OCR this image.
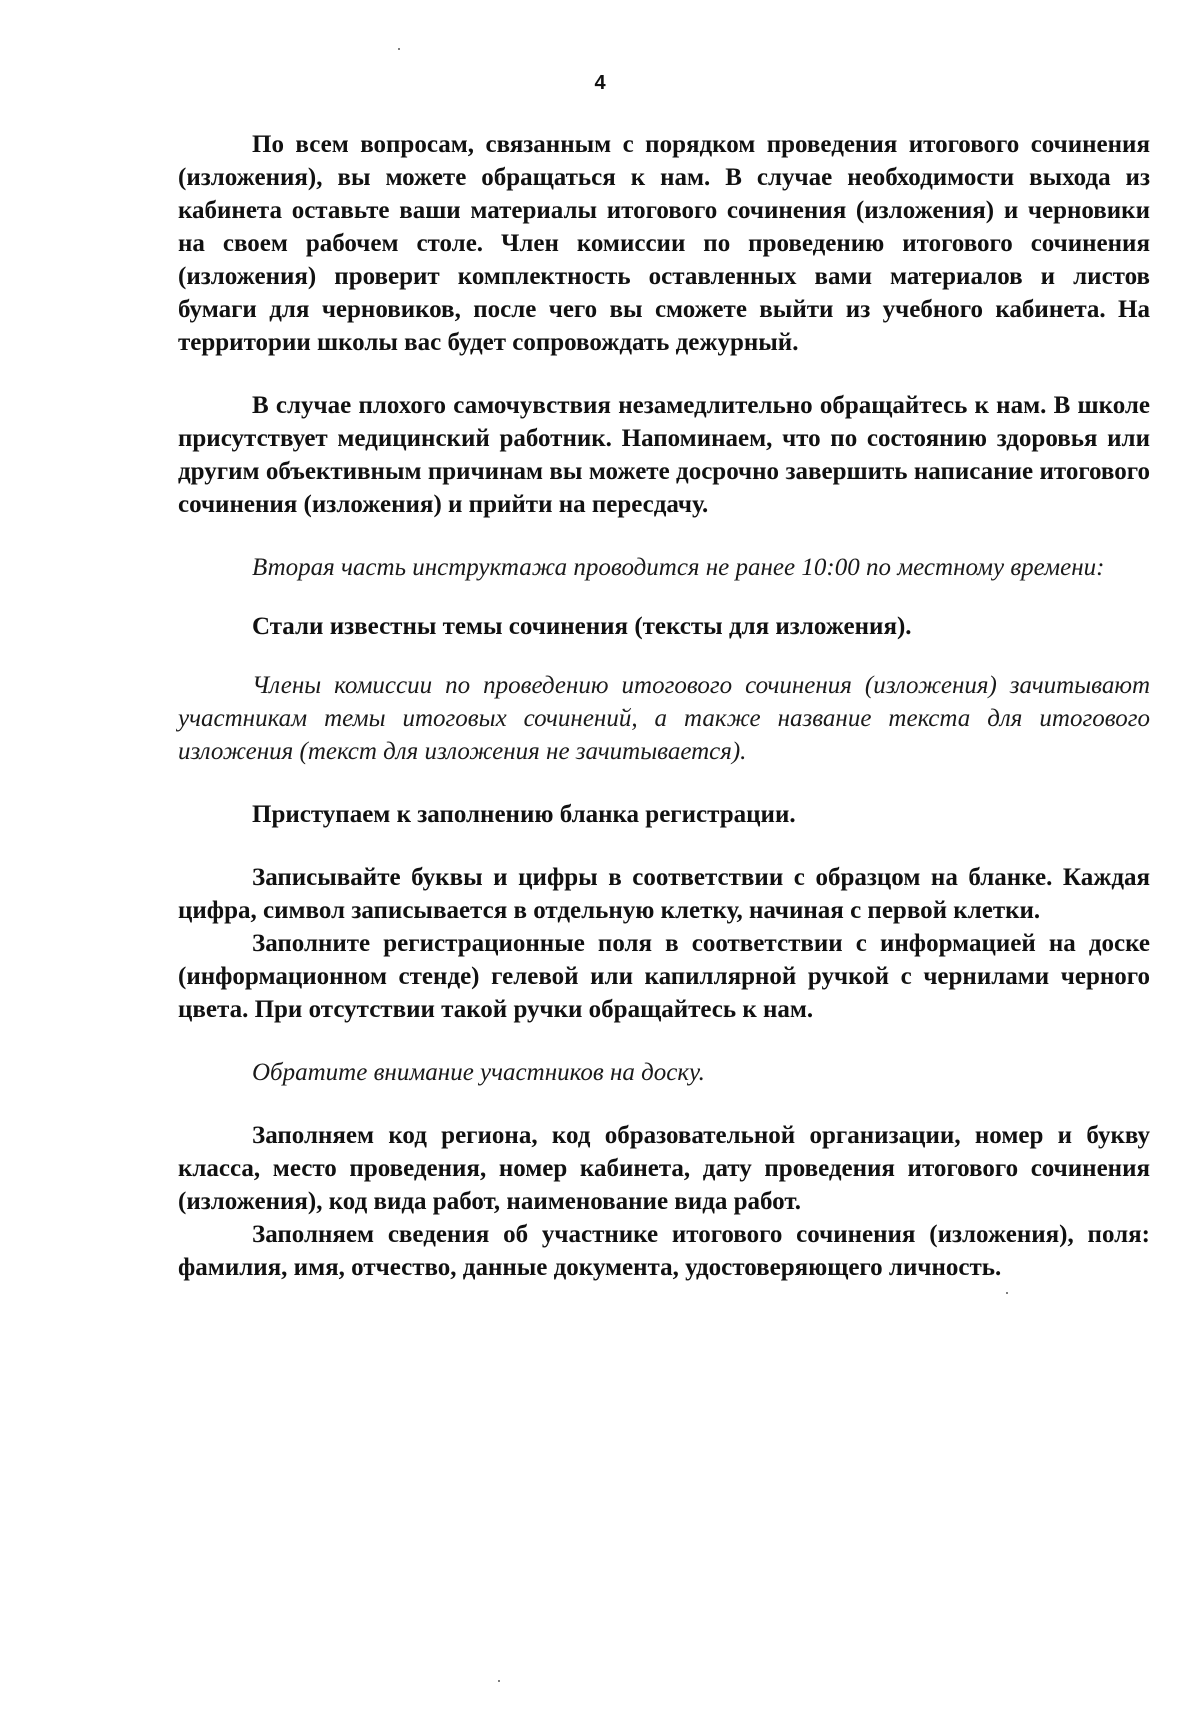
4

По всем вопросам, связанным с порядком проведения итогового сочинения (изложения), вы можете обращаться к нам. В случае необходимости выхода из кабинета оставьте ваши материалы итогового сочинения (изложения) и черновики на своем рабочем столе. Член комиссии по проведению итогового сочинения (изложения) проверит комплектность оставленных вами материалов и листов бумаги для черновиков, после чего вы сможете выйти из учебного кабинета. На территории школы вас будет сопровождать дежурный.

В случае плохого самочувствия незамедлительно обращайтесь к нам. В школе присутствует медицинский работник. Напоминаем, что по состоянию здоровья или другим объективным причинам вы можете досрочно завершить написание итогового сочинения (изложения) и прийти на пересдачу.

Вторая часть инструктажа проводится не ранее 10:00 по местному времени:

Стали известны темы сочинения (тексты для изложения).

Члены комиссии по проведению итогового сочинения (изложения) зачитывают участникам темы итоговых сочинений, а также название текста для итогового изложения (текст для изложения не зачитывается).

Приступаем к заполнению бланка регистрации.

Записывайте буквы и цифры в соответствии с образцом на бланке. Каждая цифра, символ записывается в отдельную клетку, начиная с первой клетки.

Заполните регистрационные поля в соответствии с информацией на доске (информационном стенде) гелевой или капиллярной ручкой с чернилами черного цвета. При отсутствии такой ручки обращайтесь к нам.

Обратите внимание участников на доску.

Заполняем код региона, код образовательной организации, номер и букву класса, место проведения, номер кабинета, дату проведения итогового сочинения (изложения), код вида работ, наименование вида работ.

Заполняем сведения об участнике итогового сочинения (изложения), поля: фамилия, имя, отчество, данные документа, удостоверяющего личность.
